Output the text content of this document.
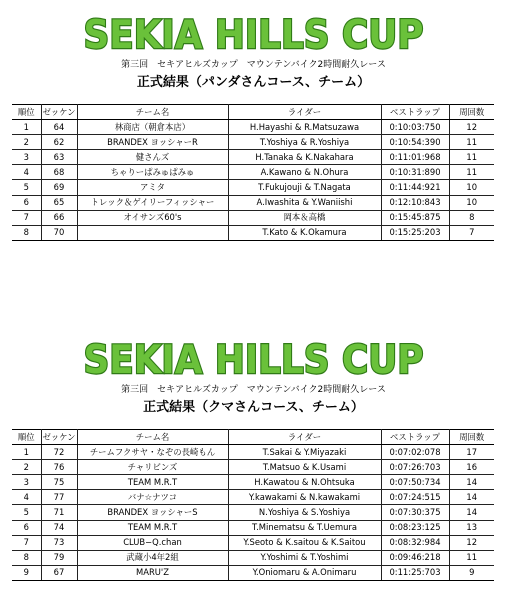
SEKIA HILLS CUP
第三回　セキアヒルズカップ　マウンテンバイク2時間耐久レース
正式結果（パンダさんコース、チーム）
順位	ゼッケン	チーム名	ライダー	ベストラップ	周回数
1	64	林商店（朝倉本店）	H.Hayashi & R.Matsuzawa	0:10:03:750	12
2	62	BRANDEX ヨッシャーR	T.Yoshiya & R.Yoshiya	0:10:54:390	11
3	63	健さんズ	H.Tanaka & K.Nakahara	0:11:01:968	11
4	68	ちゃりーぱみゅぱみゅ	A.Kawano & N.Ohura	0:10:31:890	11
5	69	アミタ	T.Fukujouji & T.Nagata	0:11:44:921	10
6	65	トレック＆ゲイリーフィッシャー	A.Iwashita & Y.Waniishi	0:12:10:843	10
7	66	オイサンズ60's	岡本＆高橋	0:15:45:875	8
8	70		T.Kato & K.Okamura	0:15:25:203	7
SEKIA HILLS CUP
第三回　セキアヒルズカップ　マウンテンバイク2時間耐久レース
正式結果（クマさんコース、チーム）
順位	ゼッケン	チーム名	ライダー	ベストラップ	周回数
1	72	チームフクサヤ・なぞの長崎もん	T.Sakai & Y.Miyazaki	0:07:02:078	17
2	76	チャリビンズ	T.Matsuo & K.Usami	0:07:26:703	16
3	75	TEAM M.R.T	H.Kawatou & N.Ohtsuka	0:07:50:734	14
4	77	バナ☆ナツコ	Y.kawakami & N.kawakami	0:07:24:515	14
5	71	BRANDEX ヨッシャーS	N.Yoshiya & S.Yoshiya	0:07:30:375	14
6	74	TEAM M.R.T	T.Minematsu & T.Uemura	0:08:23:125	13
7	73	CLUB−Q.chan	Y.Seoto & K.saitou & K.Saitou	0:08:32:984	12
8	79	武蔵小4年2組	Y.Yoshimi & T.Yoshimi	0:09:46:218	11
9	67	MARU'Z	Y.Oniomaru & A.Onimaru	0:11:25:703	9
